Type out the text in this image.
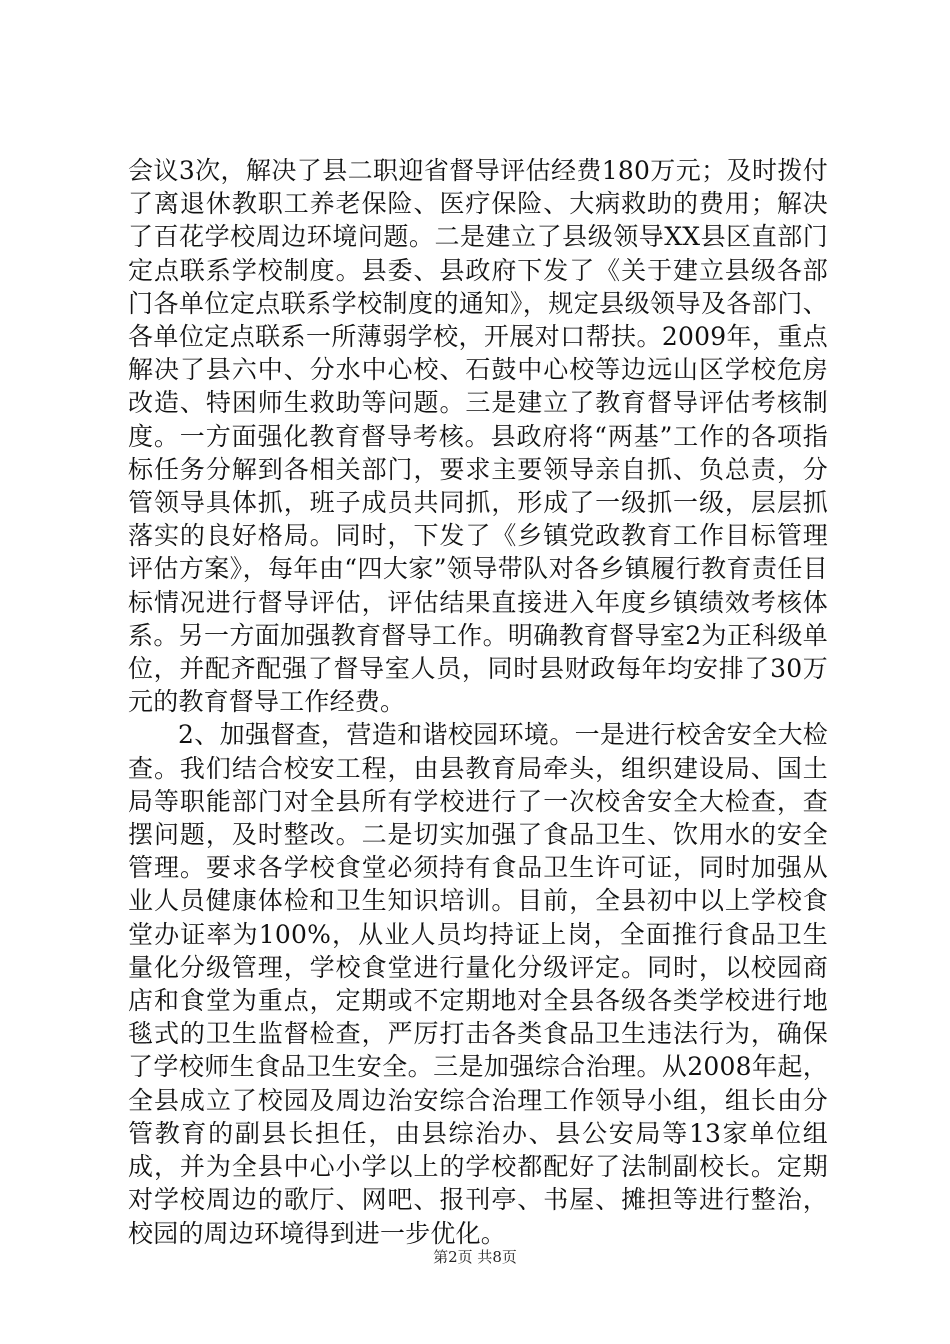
会议3次，解决了县二职迎省督导评估经费180万元；及时拨付了离退休教职工养老保险、医疗保险、大病救助的费用；解决了百花学校周边环境问题。二是建立了县级领导XX县区直部门定点联系学校制度。县委、县政府下发了《关于建立县级各部门各单位定点联系学校制度的通知》，规定县级领导及各部门、各单位定点联系一所薄弱学校，开展对口帮扶。2009年，重点解决了县六中、分水中心校、石鼓中心校等边远山区学校危房改造、特困师生救助等问题。三是建立了教育督导评估考核制度。一方面强化教育督导考核。县政府将“两基”工作的各项指标任务分解到各相关部门，要求主要领导亲自抓、负总责，分管领导具体抓，班子成员共同抓，形成了一级抓一级，层层抓落实的良好格局。同时，下发了《乡镇党政教育工作目标管理评估方案》，每年由“四大家”领导带队对各乡镇履行教育责任目标情况进行督导评估，评估结果直接进入年度乡镇绩效考核体系。另一方面加强教育督导工作。明确教育督导室2为正科级单位，并配齐配强了督导室人员，同时县财政每年均安排了30万元的教育督导工作经费。

2、加强督查，营造和谐校园环境。一是进行校舍安全大检查。我们结合校安工程，由县教育局牵头，组织建设局、国土局等职能部门对全县所有学校进行了一次校舍安全大检查，查摆问题，及时整改。二是切实加强了食品卫生、饮用水的安全管理。要求各学校食堂必须持有食品卫生许可证，同时加强从业人员健康体检和卫生知识培训。目前，全县初中以上学校食堂办证率为100%，从业人员均持证上岗，全面推行食品卫生量化分级管理，学校食堂进行量化分级评定。同时，以校园商店和食堂为重点，定期或不定期地对全县各级各类学校进行地毯式的卫生监督检查，严厉打击各类食品卫生违法行为，确保了学校师生食品卫生安全。三是加强综合治理。从2008年起，全县成立了校园及周边治安综合治理工作领导小组，组长由分管教育的副县长担任，由县综治办、县公安局等13家单位组成，并为全县中心小学以上的学校都配好了法制副校长。定期对学校周边的歌厅、网吧、报刊亭、书屋、摊担等进行整治，校园的周边环境得到进一步优化。

第2页 共8页
